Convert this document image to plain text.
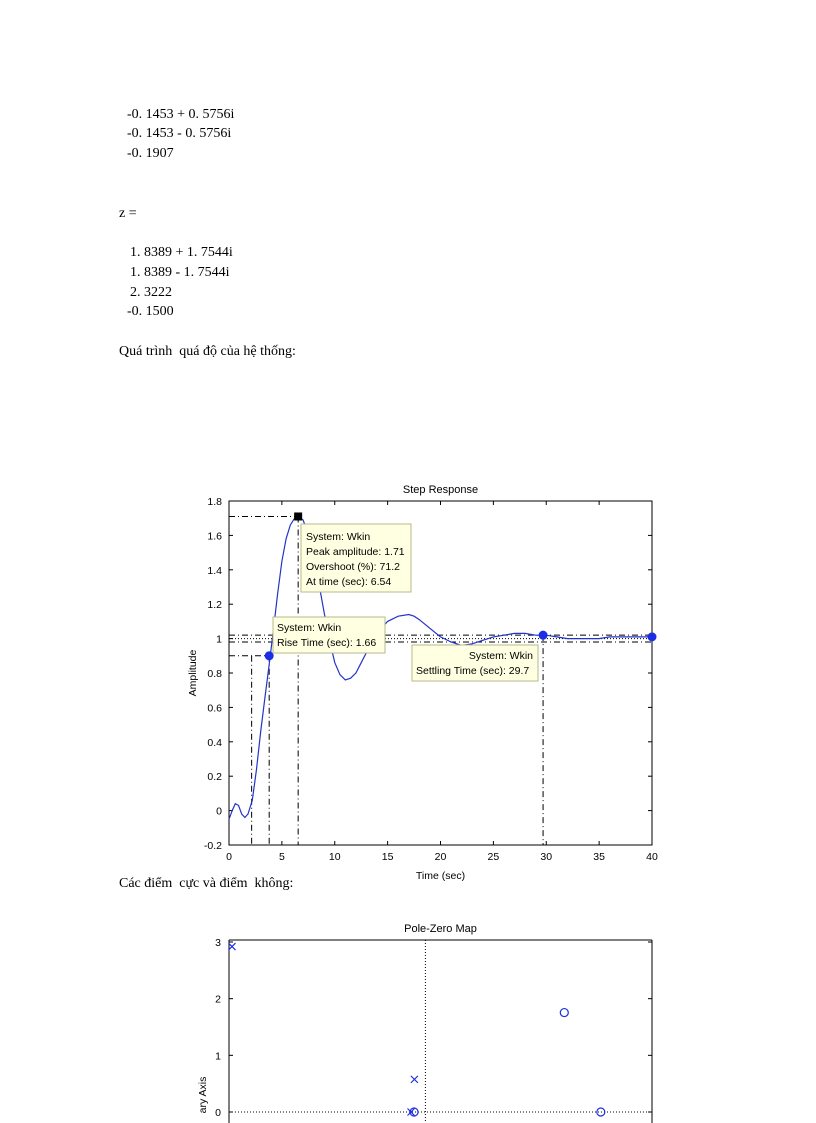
-0. 1453 + 0. 5756i
-0. 1453 - 0. 5756i
-0. 1907
z =
1. 8389 + 1. 7544i
1. 8389 - 1. 7544i
2. 3222
-0. 1500
Quá trình  quá độ của hệ thống:
Các điểm  cực và điểm  không:
Step Response
0	5	10	15	20	25	30	35	40
-0.2
0
0.2
0.4
0.6
0.8
1
1.2
1.4
1.6
1.8
Time (sec)
Amplitude
System: Wkin
Peak amplitude: 1.71
Overshoot (%): 71.2
At time (sec): 6.54
System: Wkin
Rise Time (sec): 1.66
System: Wkin
Settling Time (sec): 29.7
Pole-Zero Map
0
1
2
3
ary Axis
